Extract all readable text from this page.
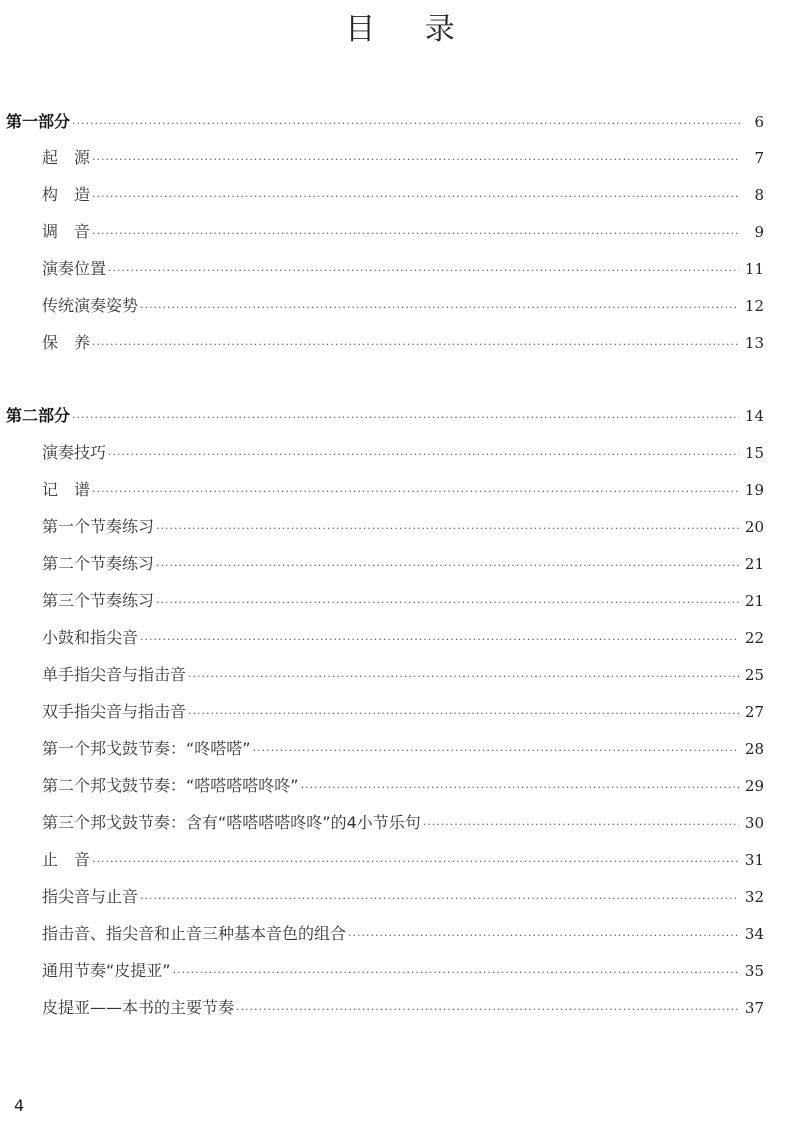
目 录
第一部分 ·····	6
起　源 ·····	7
构　造 ·····	8
调　音 ·····	9
演奏位置 ·····	11
传统演奏姿势 ·····	12
保　养 ·····	13
第二部分 ·····	14
演奏技巧 ·····	15
记　谱 ·····	19
第一个节奏练习 ·····	20
第二个节奏练习 ·····	21
第三个节奏练习 ·····	21
小鼓和指尖音 ·····	22
单手指尖音与指击音 ·····	25
双手指尖音与指击音 ·····	27
第一个邦戈鼓节奏：“咚嗒嗒” ·····	28
第二个邦戈鼓节奏：“嗒嗒嗒嗒咚咚” ·····	29
第三个邦戈鼓节奏：含有“嗒嗒嗒嗒咚咚”的4小节乐句 ·····	30
止　音 ·····	31
指尖音与止音 ·····	32
指击音、指尖音和止音三种基本音色的组合 ·····	34
通用节奏“皮提亚” ·····	35
皮提亚——本书的主要节奏 ·····	37
4
